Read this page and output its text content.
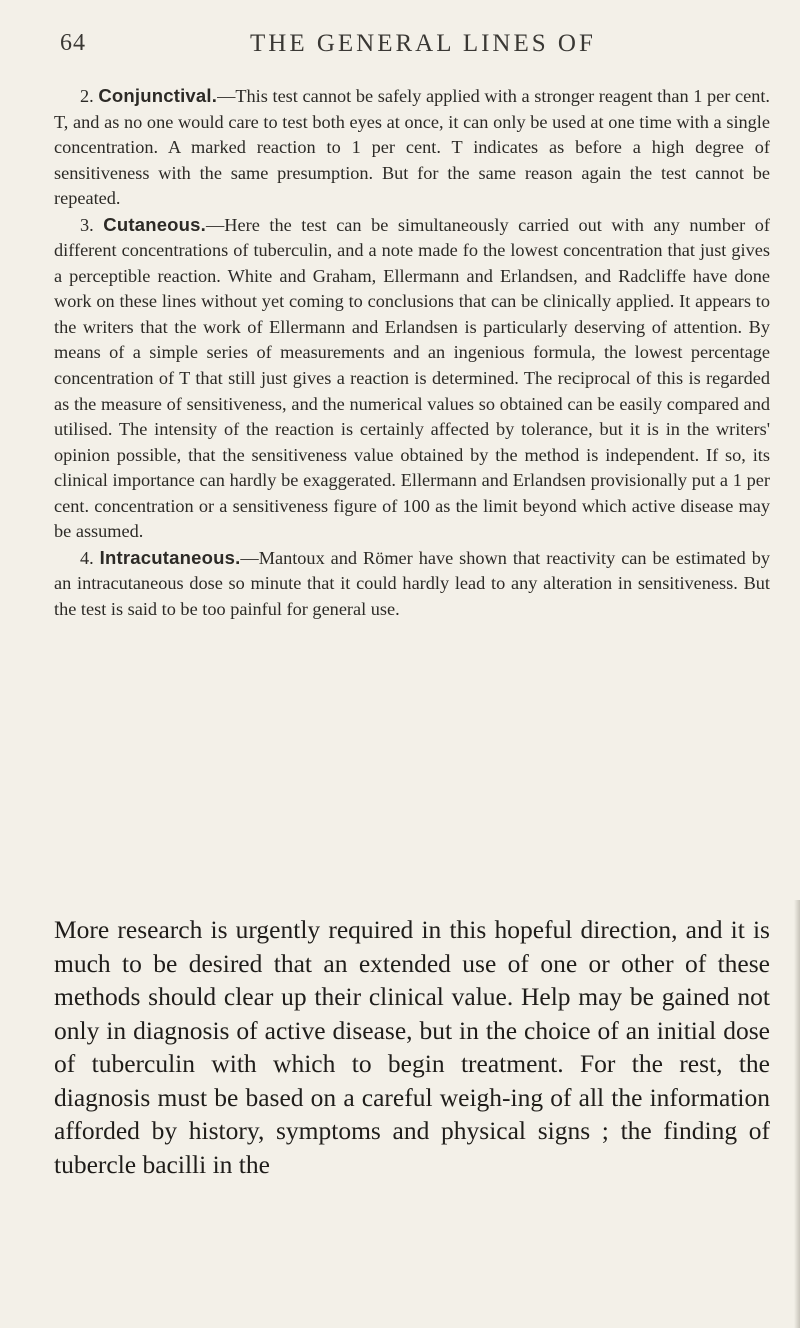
64	THE GENERAL LINES OF

2. Conjunctival.—This test cannot be safely applied with a stronger reagent than 1 per cent. T, and as no one would care to test both eyes at once, it can only be used at one time with a single concentration. A marked reaction to 1 per cent. T indicates as before a high degree of sensitiveness with the same presumption. But for the same reason again the test cannot be repeated.

3. Cutaneous.—Here the test can be simultaneously carried out with any number of different concentrations of tuberculin, and a note made fo the lowest concentration that just gives a perceptible reaction. White and Graham, Ellermann and Erlandsen, and Radcliffe have done work on these lines without yet coming to conclusions that can be clinically applied. It appears to the writers that the work of Ellermann and Erlandsen is particularly deserving of attention. By means of a simple series of measurements and an ingenious formula, the lowest percentage concentration of T that still just gives a reaction is determined. The reciprocal of this is regarded as the measure of sensitiveness, and the numerical values so obtained can be easily compared and utilised. The intensity of the reaction is certainly affected by tolerance, but it is in the writers' opinion possible, that the sensitiveness value obtained by the method is independent. If so, its clinical importance can hardly be exaggerated. Ellermann and Erlandsen provisionally put a 1 per cent. concentration or a sensitiveness figure of 100 as the limit beyond which active disease may be assumed.

4. Intracutaneous.—Mantoux and Römer have shown that reactivity can be estimated by an intracutaneous dose so minute that it could hardly lead to any alteration in sensitiveness. But the test is said to be too painful for general use.

More research is urgently required in this hopeful direction, and it is much to be desired that an extended use of one or other of these methods should clear up their clinical value. Help may be gained not only in diagnosis of active disease, but in the choice of an initial dose of tuberculin with which to begin treatment. For the rest, the diagnosis must be based on a careful weigh-ing of all the information afforded by history, symptoms and physical signs ; the finding of tubercle bacilli in the
